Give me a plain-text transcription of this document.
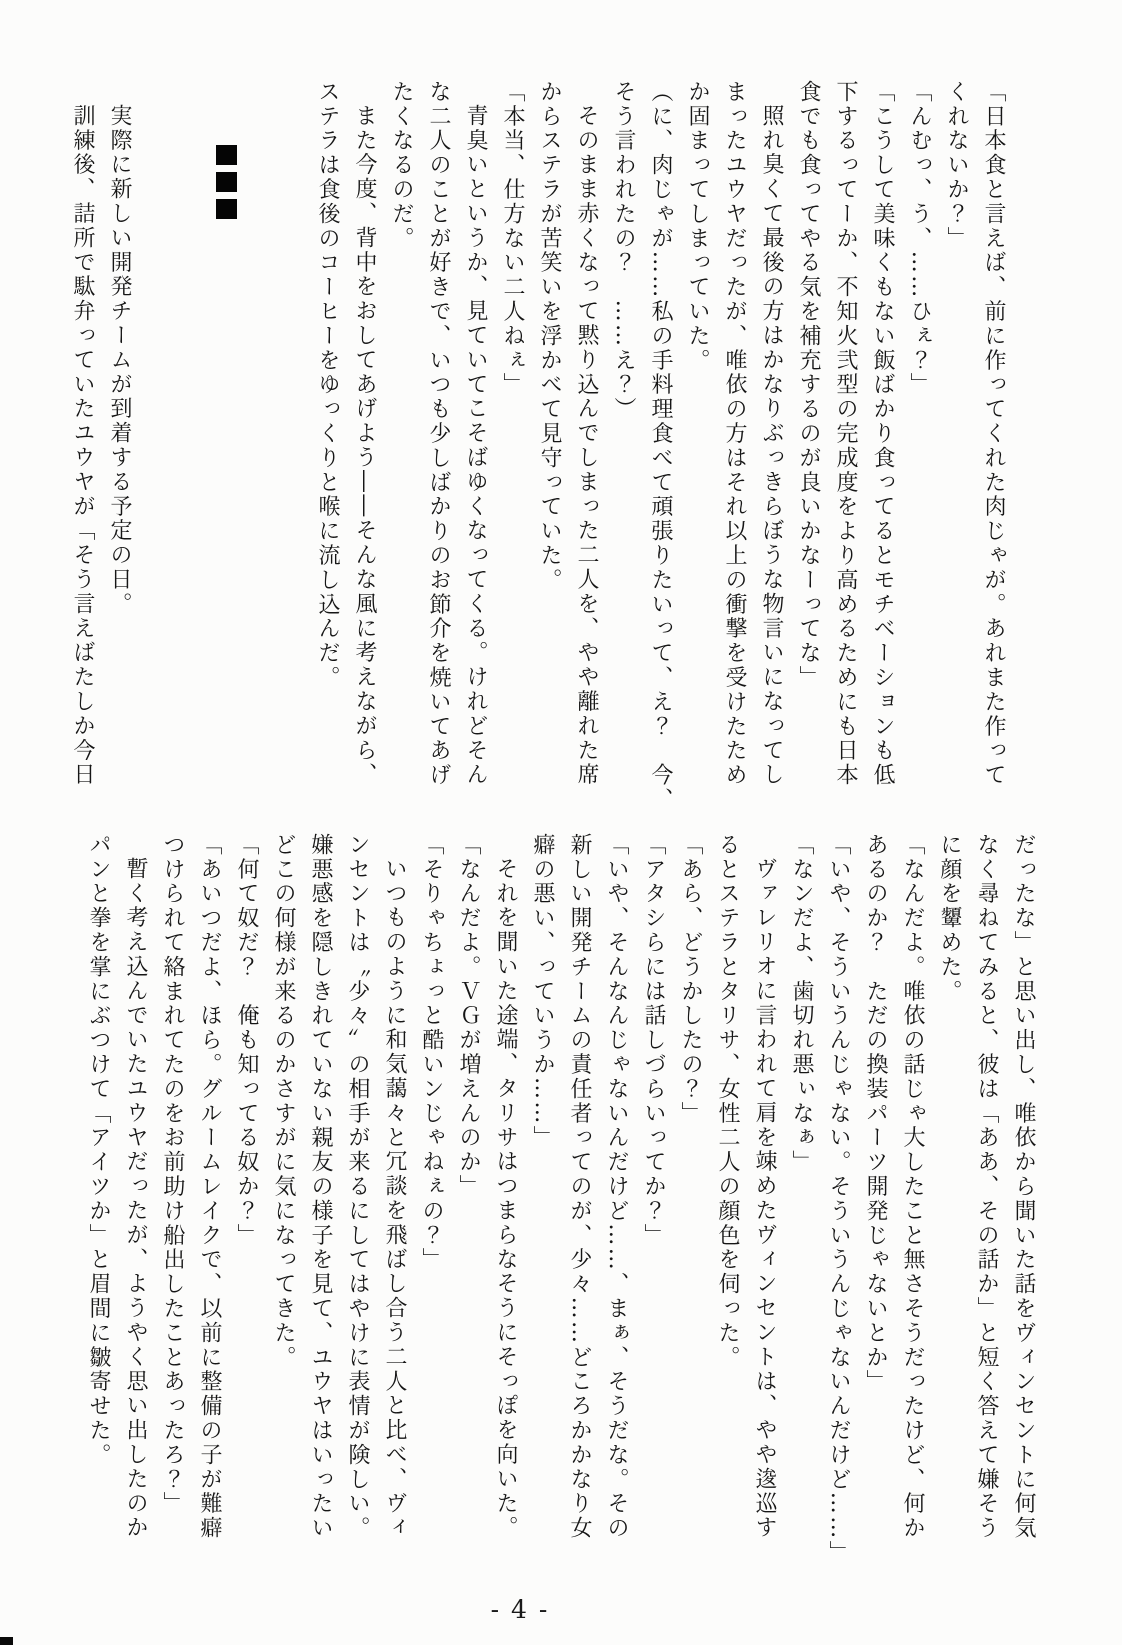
「日本食と言えば、前に作ってくれた肉じゃが。あれまた作って
くれないか？」
「んむっ、う、……ひぇ？」
「こうして美味くもない飯ばかり食ってるとモチベーションも低
下するってーか、不知火弐型の完成度をより高めるためにも日本
食でも食ってやる気を補充するのが良いかなーってな」
照れ臭くて最後の方はかなりぶっきらぼうな物言いになってし
まったユウヤだったが、唯依の方はそれ以上の衝撃を受けたため
か固まってしまっていた。
（に、肉じゃが……私の手料理食べて頑張りたいって、え？　今、
そう言われたの？　……え？）
そのまま赤くなって黙り込んでしまった二人を、やや離れた席
からステラが苦笑いを浮かべて見守っていた。
「本当、仕方ない二人ねぇ」
青臭いというか、見ていてこそばゆくなってくる。けれどそん
な二人のことが好きで、いつも少しばかりのお節介を焼いてあげ
たくなるのだ。
また今度、背中をおしてあげよう――そんな風に考えながら、
ステラは食後のコーヒーをゆっくりと喉に流し込んだ。
実際に新しい開発チームが到着する予定の日。
訓練後、詰所で駄弁っていたユウヤが「そう言えばたしか今日
だったな」と思い出し、唯依から聞いた話をヴィンセントに何気
なく尋ねてみると、彼は「ああ、その話か」と短く答えて嫌そう
に顔を顰めた。
「なんだよ。唯依の話じゃ大したこと無さそうだったけど、何か
あるのか？　ただの換装パーツ開発じゃないとか」
「いや、そういうんじゃない。そういうんじゃないんだけど……」
「なンだよ、歯切れ悪ぃなぁ」
ヴァレリオに言われて肩を竦めたヴィンセントは、やや逡巡す
るとステラとタリサ、女性二人の顔色を伺った。
「あら、どうかしたの？」
「アタシらには話しづらいってか？」
「いや、そんなんじゃないんだけど……、まぁ、そうだな。その
新しい開発チームの責任者ってのが、少々……どころかかなり女
癖の悪い、っていうか……」
それを聞いた途端、タリサはつまらなそうにそっぽを向いた。
「なんだよ。ＶＧが増えんのか」
「そりゃちょっと酷いンじゃねぇの？」
いつものように和気藹々と冗談を飛ばし合う二人と比べ、ヴィ
ンセントは〝少々〟の相手が来るにしてはやけに表情が険しい。
嫌悪感を隠しきれていない親友の様子を見て、ユウヤはいったい
どこの何様が来るのかさすがに気になってきた。
「何て奴だ？　俺も知ってる奴か？」
「あいつだよ、ほら。グルームレイクで、以前に整備の子が難癖
つけられて絡まれてたのをお前助け船出したことあったろ？」
暫く考え込んでいたユウヤだったが、ようやく思い出したのか
パンと拳を掌にぶつけて「アイツか」と眉間に皺寄せた。
- 4 -
